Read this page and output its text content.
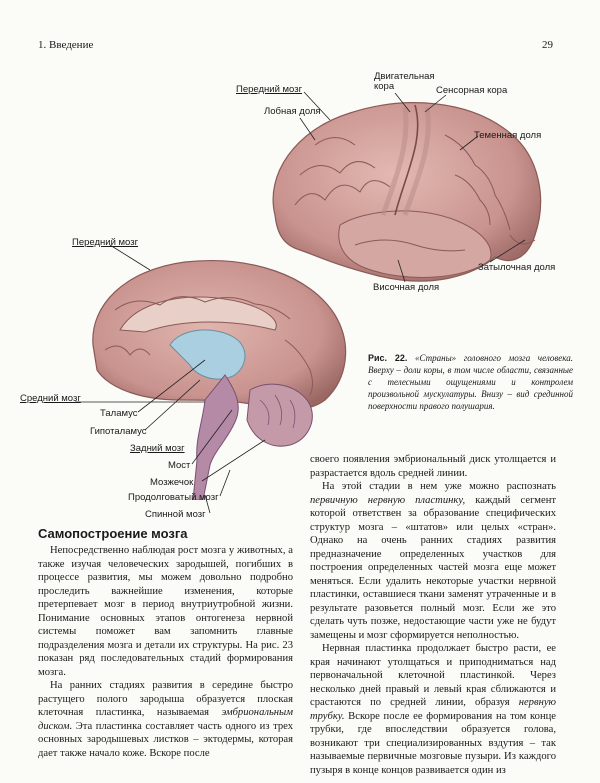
1. Введение	29
Передний мозг
Двигательная
кора	Сенсорная кора
Лобная доля
Теменная доля
Затылочная доля
Височная доля
Передний мозг
Средний мозг
Таламус
Гипоталамус
Задний мозг
Мост
Мозжечок
Продолговатый мозг
Спинной мозг
Рис. 22. «Страны» головного мозга человека. Вверху – доли коры, в том числе области, связанные с телесными ощущениями и контролем произвольной мускулатуры. Внизу – вид срединной поверхности правого полушария.
Самопостроение мозга

Непосредственно наблюдая рост мозга у животных, а также изучая человеческих зародышей, погибших в процессе развития, мы можем довольно подробно проследить важнейшие изменения, которые претерпевает мозг в период внутриутробной жизни. Понимание основных этапов онтогенеза нервной системы поможет вам запомнить главные подразделения мозга и детали их структуры. На рис. 23 показан ряд последовательных стадий формирования мозга.

На ранних стадиях развития в середине быстро растущего полого зародыша образуется плоская клеточная пластинка, называемая эмбриональным диском. Эта пластинка составляет часть одного из трех основных зародышевых листков – эктодермы, которая дает также начало коже. Вскоре после

своего появления эмбриональный диск утолщается и разрастается вдоль средней линии.

На этой стадии в нем уже можно распознать первичную нервную пластинку, каждый сегмент которой ответствен за образование специфических структур мозга – «штатов» или целых «стран». Однако на очень ранних стадиях развития предназначение определенных участков для построения определенных частей мозга еще может меняться. Если удалить некоторые участки нервной пластинки, оставшиеся ткани заменят утраченные и в результате разовьется полный мозг. Если же это сделать чуть позже, недостающие части уже не будут замещены и мозг сформируется неполностью.

Нервная пластинка продолжает быстро расти, ее края начинают утолщаться и приподниматься над первоначальной клеточной пластинкой. Через несколько дней правый и левый края сближаются и срастаются по средней линии, образуя нервную трубку. Вскоре после ее формирования на том конце трубки, где впоследствии образуется голова, возникают три специализированных вздутия – так называемые первичные мозговые пузыри. Из каждого пузыря в конце концов развивается один из
